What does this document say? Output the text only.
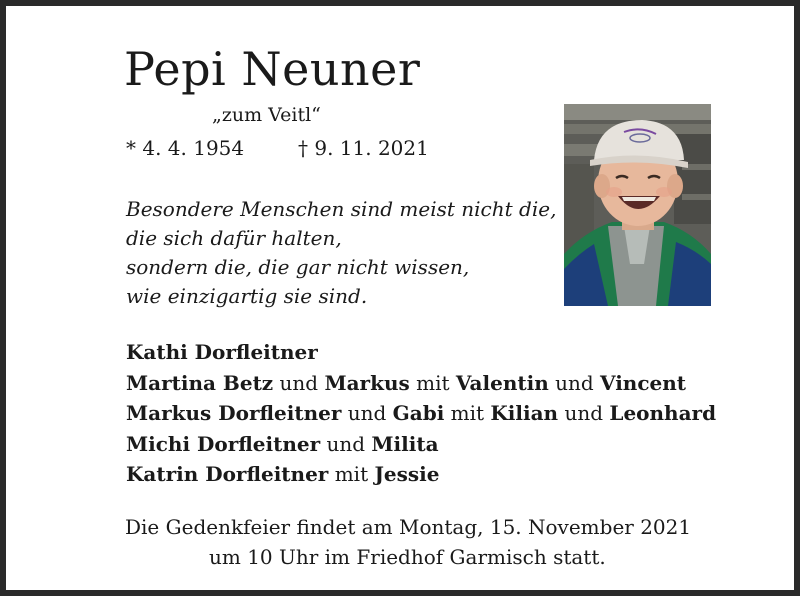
Pepi Neuner
„zum Veitl“
* 4. 4. 1954	† 9. 11. 2021
Besondere Menschen sind meist nicht die,
die sich dafür halten,
sondern die, die gar nicht wissen,
wie einzigartig sie sind.
Kathi Dorfleitner
Martina Betz und Markus mit Valentin und Vincent
Markus Dorfleitner und Gabi mit Kilian und Leonhard
Michi Dorfleitner und Milita
Katrin Dorfleitner mit Jessie
Die Gedenkfeier findet am Montag, 15. November 2021
um 10 Uhr im Friedhof Garmisch statt.
